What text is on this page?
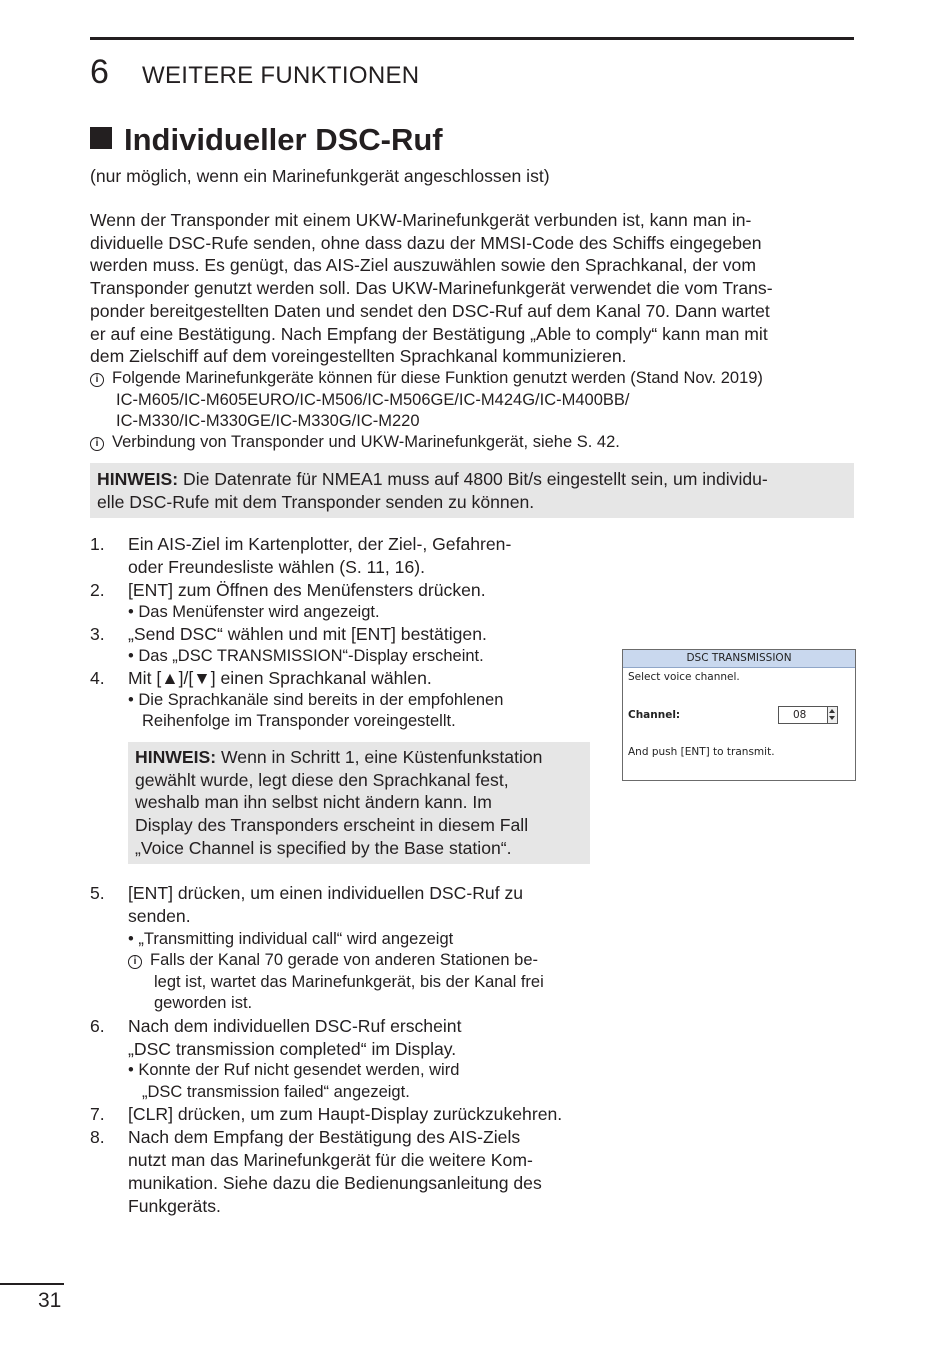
6 WEITERE FUNKTIONEN
Individueller DSC-Ruf
(nur möglich, wenn ein Marinefunkgerät angeschlossen ist)
Wenn der Transponder mit einem UKW-Marinefunkgerät verbunden ist, kann man in-
dividuelle DSC-Rufe senden, ohne dass dazu der MMSI-Code des Schiffs eingegeben
werden muss. Es genügt, das AIS-Ziel auszuwählen sowie den Sprachkanal, der vom
Transponder genutzt werden soll. Das UKW-Marinefunkgerät verwendet die vom Trans-
ponder bereitgestellten Daten und sendet den DSC-Ruf auf dem Kanal 70. Dann wartet
er auf eine Bestätigung. Nach Empfang der Bestätigung „Able to comply“ kann man mit
dem Zielschiff auf dem voreingestellten Sprachkanal kommunizieren.
i Folgende Marinefunkgeräte können für diese Funktion genutzt werden (Stand Nov. 2019)
IC-M605/IC-M605EURO/IC-M506/IC-M506GE/IC-M424G/IC-M400BB/
IC-M330/IC-M330GE/IC-M330G/IC-M220
i Verbindung von Transponder und UKW-Marinefunkgerät, siehe S. 42.
HINWEIS: Die Datenrate für NMEA1 muss auf 4800 Bit/s eingestellt sein, um individu-
elle DSC-Rufe mit dem Transponder senden zu können.
1. Ein AIS-Ziel im Kartenplotter, der Ziel-, Gefahren-
oder Freundesliste wählen (S. 11, 16).
2. [ENT] zum Öffnen des Menüfensters drücken.
• Das Menüfenster wird angezeigt.
3. „Send DSC“ wählen und mit [ENT] bestätigen.
• Das „DSC TRANSMISSION“-Display erscheint.
4. Mit [▲]/[▼] einen Sprachkanal wählen.
• Die Sprachkanäle sind bereits in der empfohlenen
Reihenfolge im Transponder voreingestellt.
5. [ENT] drücken, um einen individuellen DSC-Ruf zu
senden.
• „Transmitting individual call“ wird angezeigt
i Falls der Kanal 70 gerade von anderen Stationen be-
legt ist, wartet das Marinefunkgerät, bis der Kanal frei
geworden ist.
6. Nach dem individuellen DSC-Ruf erscheint
„DSC transmission completed“ im Display.
• Konnte der Ruf nicht gesendet werden, wird
„DSC transmission failed“ angezeigt.
7. [CLR] drücken, um zum Haupt-Display zurückzukehren.
8. Nach dem Empfang der Bestätigung des AIS-Ziels
nutzt man das Marinefunkgerät für die weitere Kom-
munikation. Siehe dazu die Bedienungsanleitung des
Funkgeräts.
HINWEIS: Wenn in Schritt 1, eine Küstenfunkstation
gewählt wurde, legt diese den Sprachkanal fest,
weshalb man ihn selbst nicht ändern kann. Im
Display des Transponders erscheint in diesem Fall
„Voice Channel is specified by the Base station“.
DSC TRANSMISSION
Select voice channel.
Channel:	08
And push [ENT] to transmit.
31
